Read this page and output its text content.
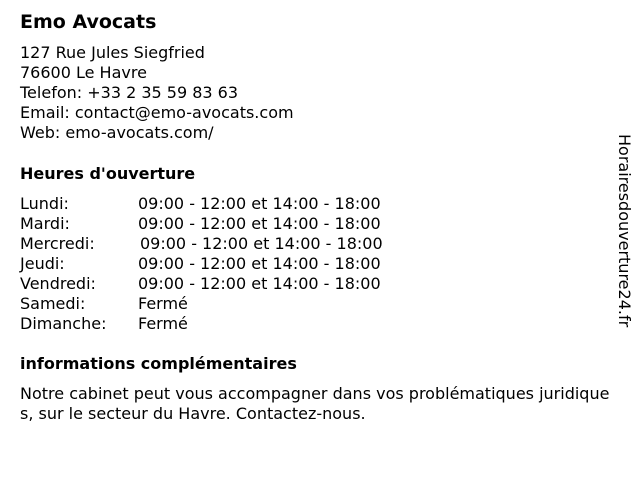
Emo Avocats
127 Rue Jules Siegfried
76600 Le Havre
Telefon: +33 2 35 59 83 63
Email: contact@emo-avocats.com
Web: emo-avocats.com/
Heures d'ouverture
Lundi:	09:00 - 12:00 et 14:00 - 18:00
Mardi:	09:00 - 12:00 et 14:00 - 18:00
Mercredi:	09:00 - 12:00 et 14:00 - 18:00
Jeudi:	09:00 - 12:00 et 14:00 - 18:00
Vendredi:	09:00 - 12:00 et 14:00 - 18:00
Samedi:	Fermé
Dimanche: Fermé
informations complémentaires
Notre cabinet peut vous accompagner dans vos problématiques juridiques, sur le secteur du Havre. Contactez-nous.
Horairesdouverture24.fr
